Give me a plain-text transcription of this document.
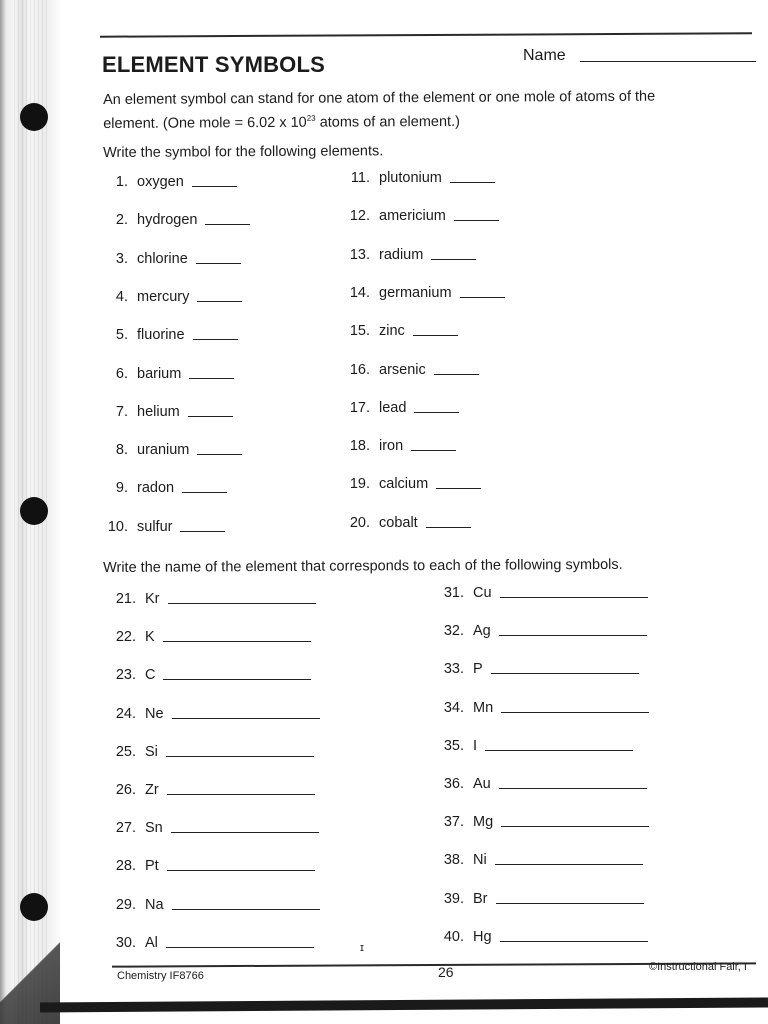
ELEMENT SYMBOLS	Name
An element symbol can stand for one atom of the element or one mole of atoms of the
element. (One mole = 6.02 x $10^{23}$ atoms of an element.)
Write the symbol for the following elements.
1. oxygen
2. hydrogen
3. chlorine
4. mercury
5. fluorine
6. barium
7. helium
8. uranium
9. radon
10. sulfur
11. plutonium
12. americium
13. radium
14. germanium
15. zinc
16. arsenic
17. lead
18. iron
19. calcium
20. cobalt
Write the name of the element that corresponds to each of the following symbols.
21. Kr
22. K
23. C
24. Ne
25. Si
26. Zr
27. Sn
28. Pt
29. Na
30. Al
31. Cu
32. Ag
33. P
34. Mn
35. I
36. Au
37. Mg
38. Ni
39. Br
40. Hg
ɪ
Chemistry IF8766	26	©Instructional Fair, I
